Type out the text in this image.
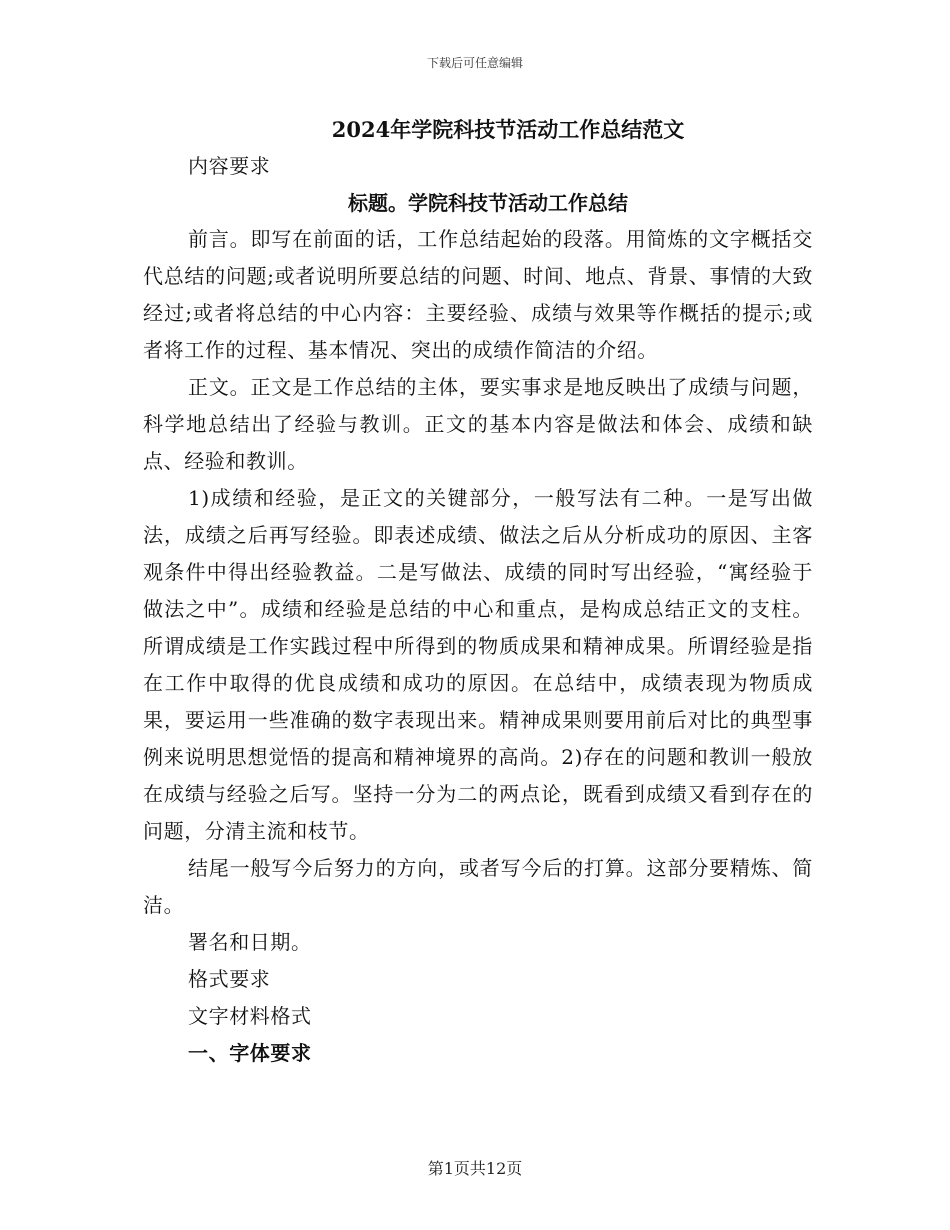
下载后可任意编辑
2024年学院科技节活动工作总结范文

内容要求

标题。学院科技节活动工作总结

前言。即写在前面的话，工作总结起始的段落。用简炼的文字概括交代总结的问题;或者说明所要总结的问题、时间、地点、背景、事情的大致经过;或者将总结的中心内容：主要经验、成绩与效果等作概括的提示;或者将工作的过程、基本情况、突出的成绩作简洁的介绍。

正文。正文是工作总结的主体，要实事求是地反映出了成绩与问题，科学地总结出了经验与教训。正文的基本内容是做法和体会、成绩和缺点、经验和教训。

1)成绩和经验，是正文的关键部分，一般写法有二种。一是写出做法，成绩之后再写经验。即表述成绩、做法之后从分析成功的原因、主客观条件中得出经验教益。二是写做法、成绩的同时写出经验，“寓经验于做法之中”。成绩和经验是总结的中心和重点，是构成总结正文的支柱。所谓成绩是工作实践过程中所得到的物质成果和精神成果。所谓经验是指在工作中取得的优良成绩和成功的原因。在总结中，成绩表现为物质成果，要运用一些准确的数字表现出来。精神成果则要用前后对比的典型事例来说明思想觉悟的提高和精神境界的高尚。2)存在的问题和教训一般放在成绩与经验之后写。坚持一分为二的两点论，既看到成绩又看到存在的问题，分清主流和枝节。

结尾一般写今后努力的方向，或者写今后的打算。这部分要精炼、简洁。

署名和日期。

格式要求

文字材料格式

一、字体要求

第1页共12页
